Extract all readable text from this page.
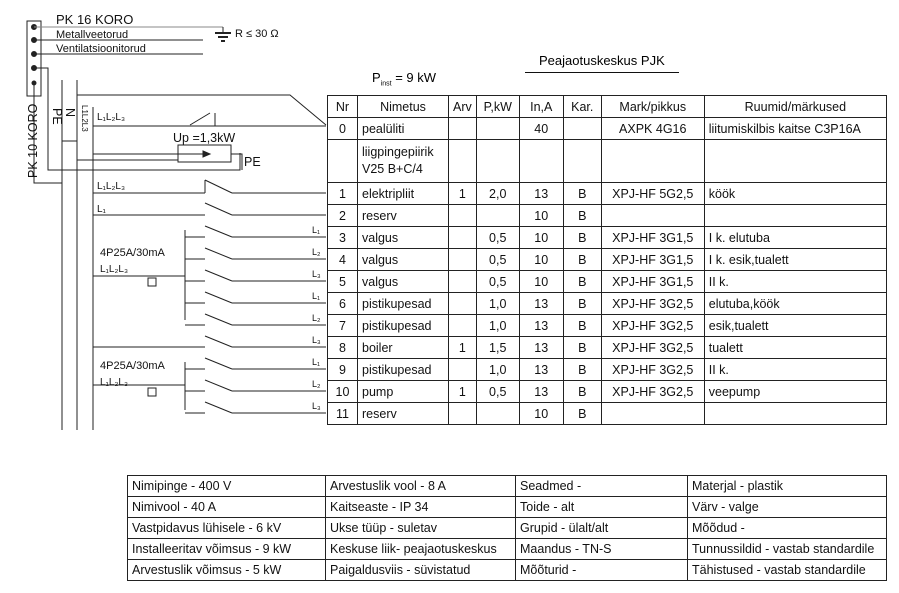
PK 16 KORO
Metallveetorud
Ventilatsioonitorud
R ≤ 30 Ω
PK 10 KORO PE N L1L2L3 L₁L₂L₃
Up =1,3kW
PE
L₁L₂L₃
L₁
4P25A/30mA
L₁L₂L₃
4P25A/30mA
L₁L₂L₃
L₁
L₂
L₃
L₁
L₂
L₃
L₁
L₂
L₃
Peajaotuskeskus PJK
$P_{inst} = 9$ kW
Nr	Nimetus	Arv	P,kW	In,A	Kar.	Mark/pikkus	Ruumid/märkused
0	pealüliti			40		AXPK 4G16	liitumiskilbis kaitse C3P16A
	liigpingepiirik V25 B+C/4						
1	elektripliit	1	2,0	13	B	XPJ-HF 5G2,5	köök
2	reserv			10	B		
3	valgus		0,5	10	B	XPJ-HF 3G1,5	I k. elutuba
4	valgus		0,5	10	B	XPJ-HF 3G1,5	I k. esik,tualett
5	valgus		0,5	10	B	XPJ-HF 3G1,5	II k.
6	pistikupesad		1,0	13	B	XPJ-HF 3G2,5	elutuba,köök
7	pistikupesad		1,0	13	B	XPJ-HF 3G2,5	esik,tualett
8	boiler	1	1,5	13	B	XPJ-HF 3G2,5	tualett
9	pistikupesad		1,0	13	B	XPJ-HF 3G2,5	II k.
10	pump	1	0,5	13	B	XPJ-HF 3G2,5	veepump
11	reserv			10	B		
Nimipinge - 400 V	Arvestuslik vool - 8 A	Seadmed -	Materjal - plastik
Nimivool - 40 A	Kaitseaste - IP 34	Toide - alt	Värv - valge
Vastpidavus lühisele - 6 kV	Ukse tüüp - suletav	Grupid - ülalt/alt	Mõõdud -
Installeeritav võimsus - 9 kW	Keskuse liik- peajaotuskeskus	Maandus - TN-S	Tunnussildid - vastab standardile
Arvestuslik võimsus - 5 kW	Paigaldusviis - süvistatud	Mõõturid -	Tähistused - vastab standardile
